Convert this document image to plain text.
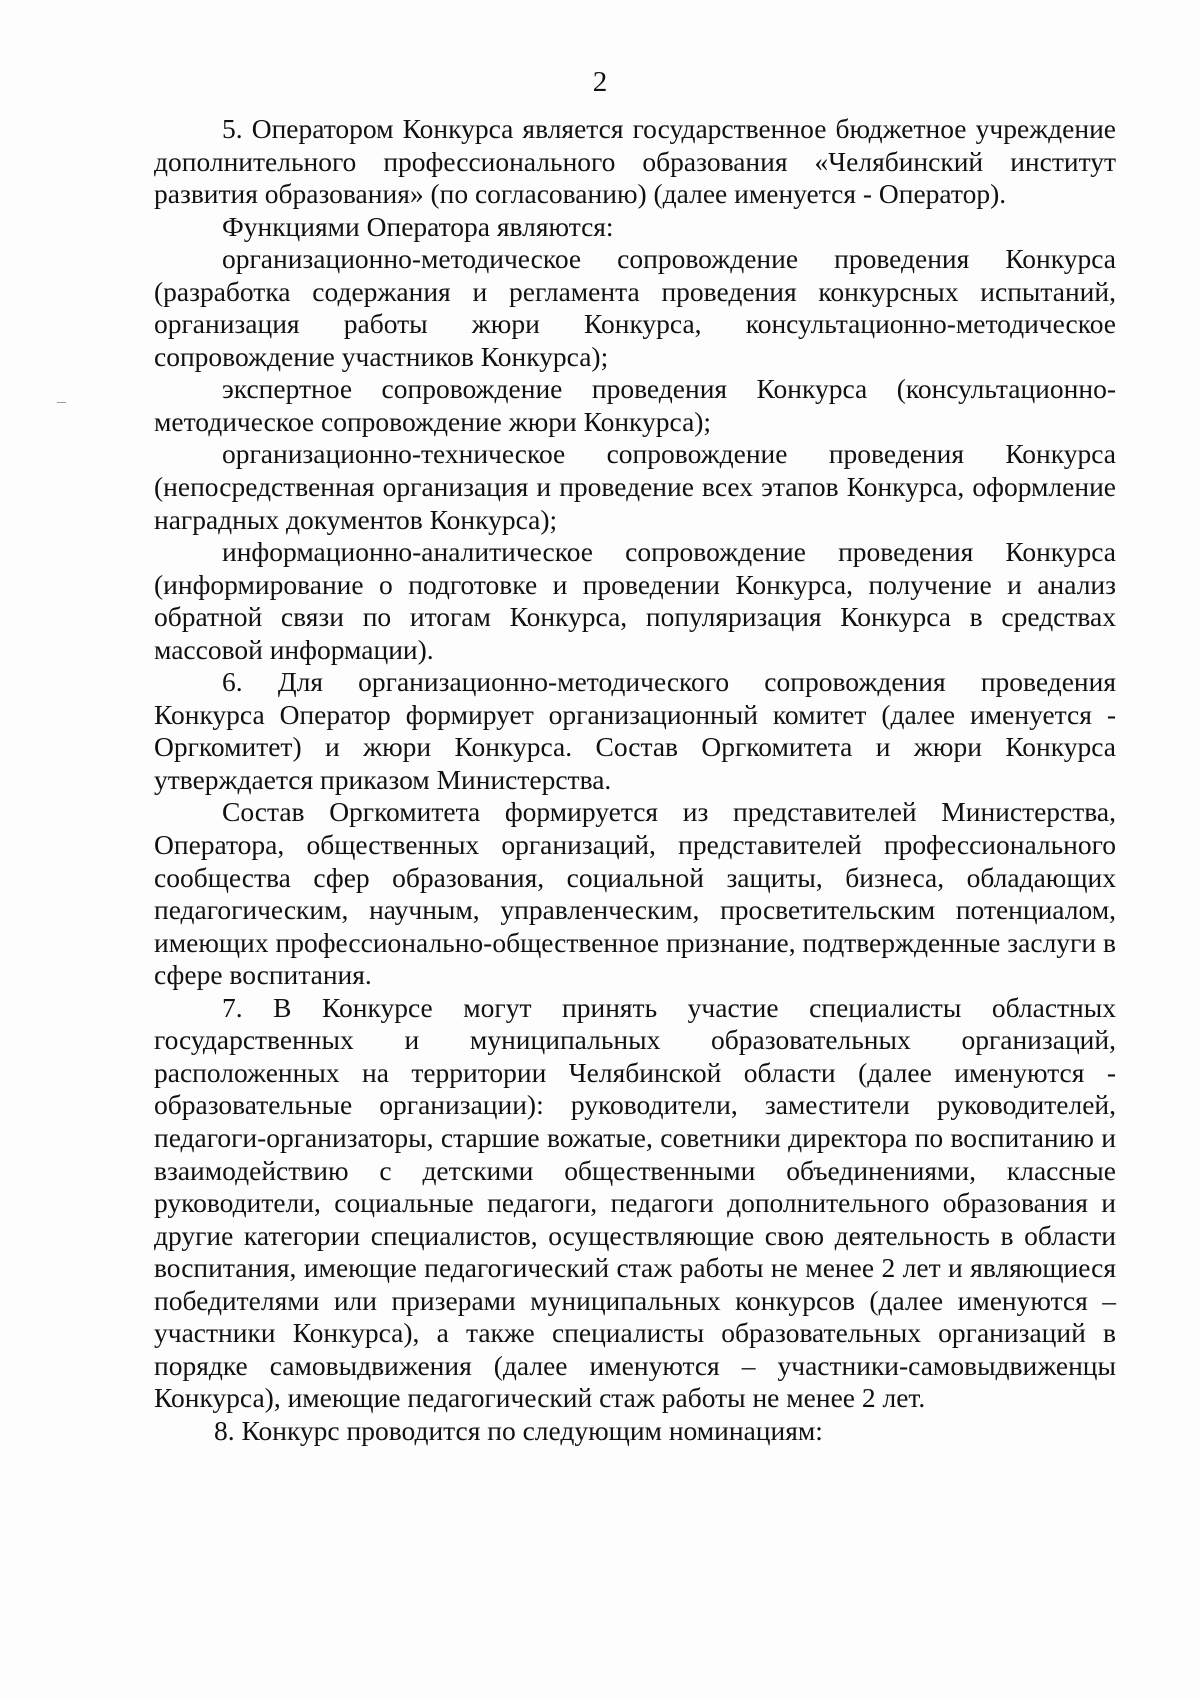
2

5. Оператором Конкурса является государственное бюджетное учреждение дополнительного профессионального образования «Челябинский институт развития образования» (по согласованию) (далее именуется - Оператор).

Функциями Оператора являются:

организационно-методическое сопровождение проведения Конкурса (разработка содержания и регламента проведения конкурсных испытаний, организация работы жюри Конкурса, консультационно-методическое сопровождение участников Конкурса);

экспертное сопровождение проведения Конкурса (консультационно-методическое сопровождение жюри Конкурса);

организационно-техническое сопровождение проведения Конкурса (непосредственная организация и проведение всех этапов Конкурса, оформление наградных документов Конкурса);

информационно-аналитическое сопровождение проведения Конкурса (информирование о подготовке и проведении Конкурса, получение и анализ обратной связи по итогам Конкурса, популяризация Конкурса в средствах массовой информации).

6. Для организационно-методического сопровождения проведения Конкурса Оператор формирует организационный комитет (далее именуется - Оргкомитет) и жюри Конкурса. Состав Оргкомитета и жюри Конкурса утверждается приказом Министерства.

Состав Оргкомитета формируется из представителей Министерства, Оператора, общественных организаций, представителей профессионального сообщества сфер образования, социальной защиты, бизнеса, обладающих педагогическим, научным, управленческим, просветительским потенциалом, имеющих профессионально-общественное признание, подтвержденные заслуги в сфере воспитания.

7. В Конкурсе могут принять участие специалисты областных государственных и муниципальных образовательных организаций, расположенных на территории Челябинской области (далее именуются - образовательные организации): руководители, заместители руководителей, педагоги-организаторы, старшие вожатые, советники директора по воспитанию и взаимодействию с детскими общественными объединениями, классные руководители, социальные педагоги, педагоги дополнительного образования и другие категории специалистов, осуществляющие свою деятельность в области воспитания, имеющие педагогический стаж работы не менее 2 лет и являющиеся победителями или призерами муниципальных конкурсов (далее именуются – участники Конкурса), а также специалисты образовательных организаций в порядке самовыдвижения (далее именуются – участники-самовыдвиженцы Конкурса), имеющие педагогический стаж работы не менее 2 лет.

8. Конкурс проводится по следующим номинациям:
